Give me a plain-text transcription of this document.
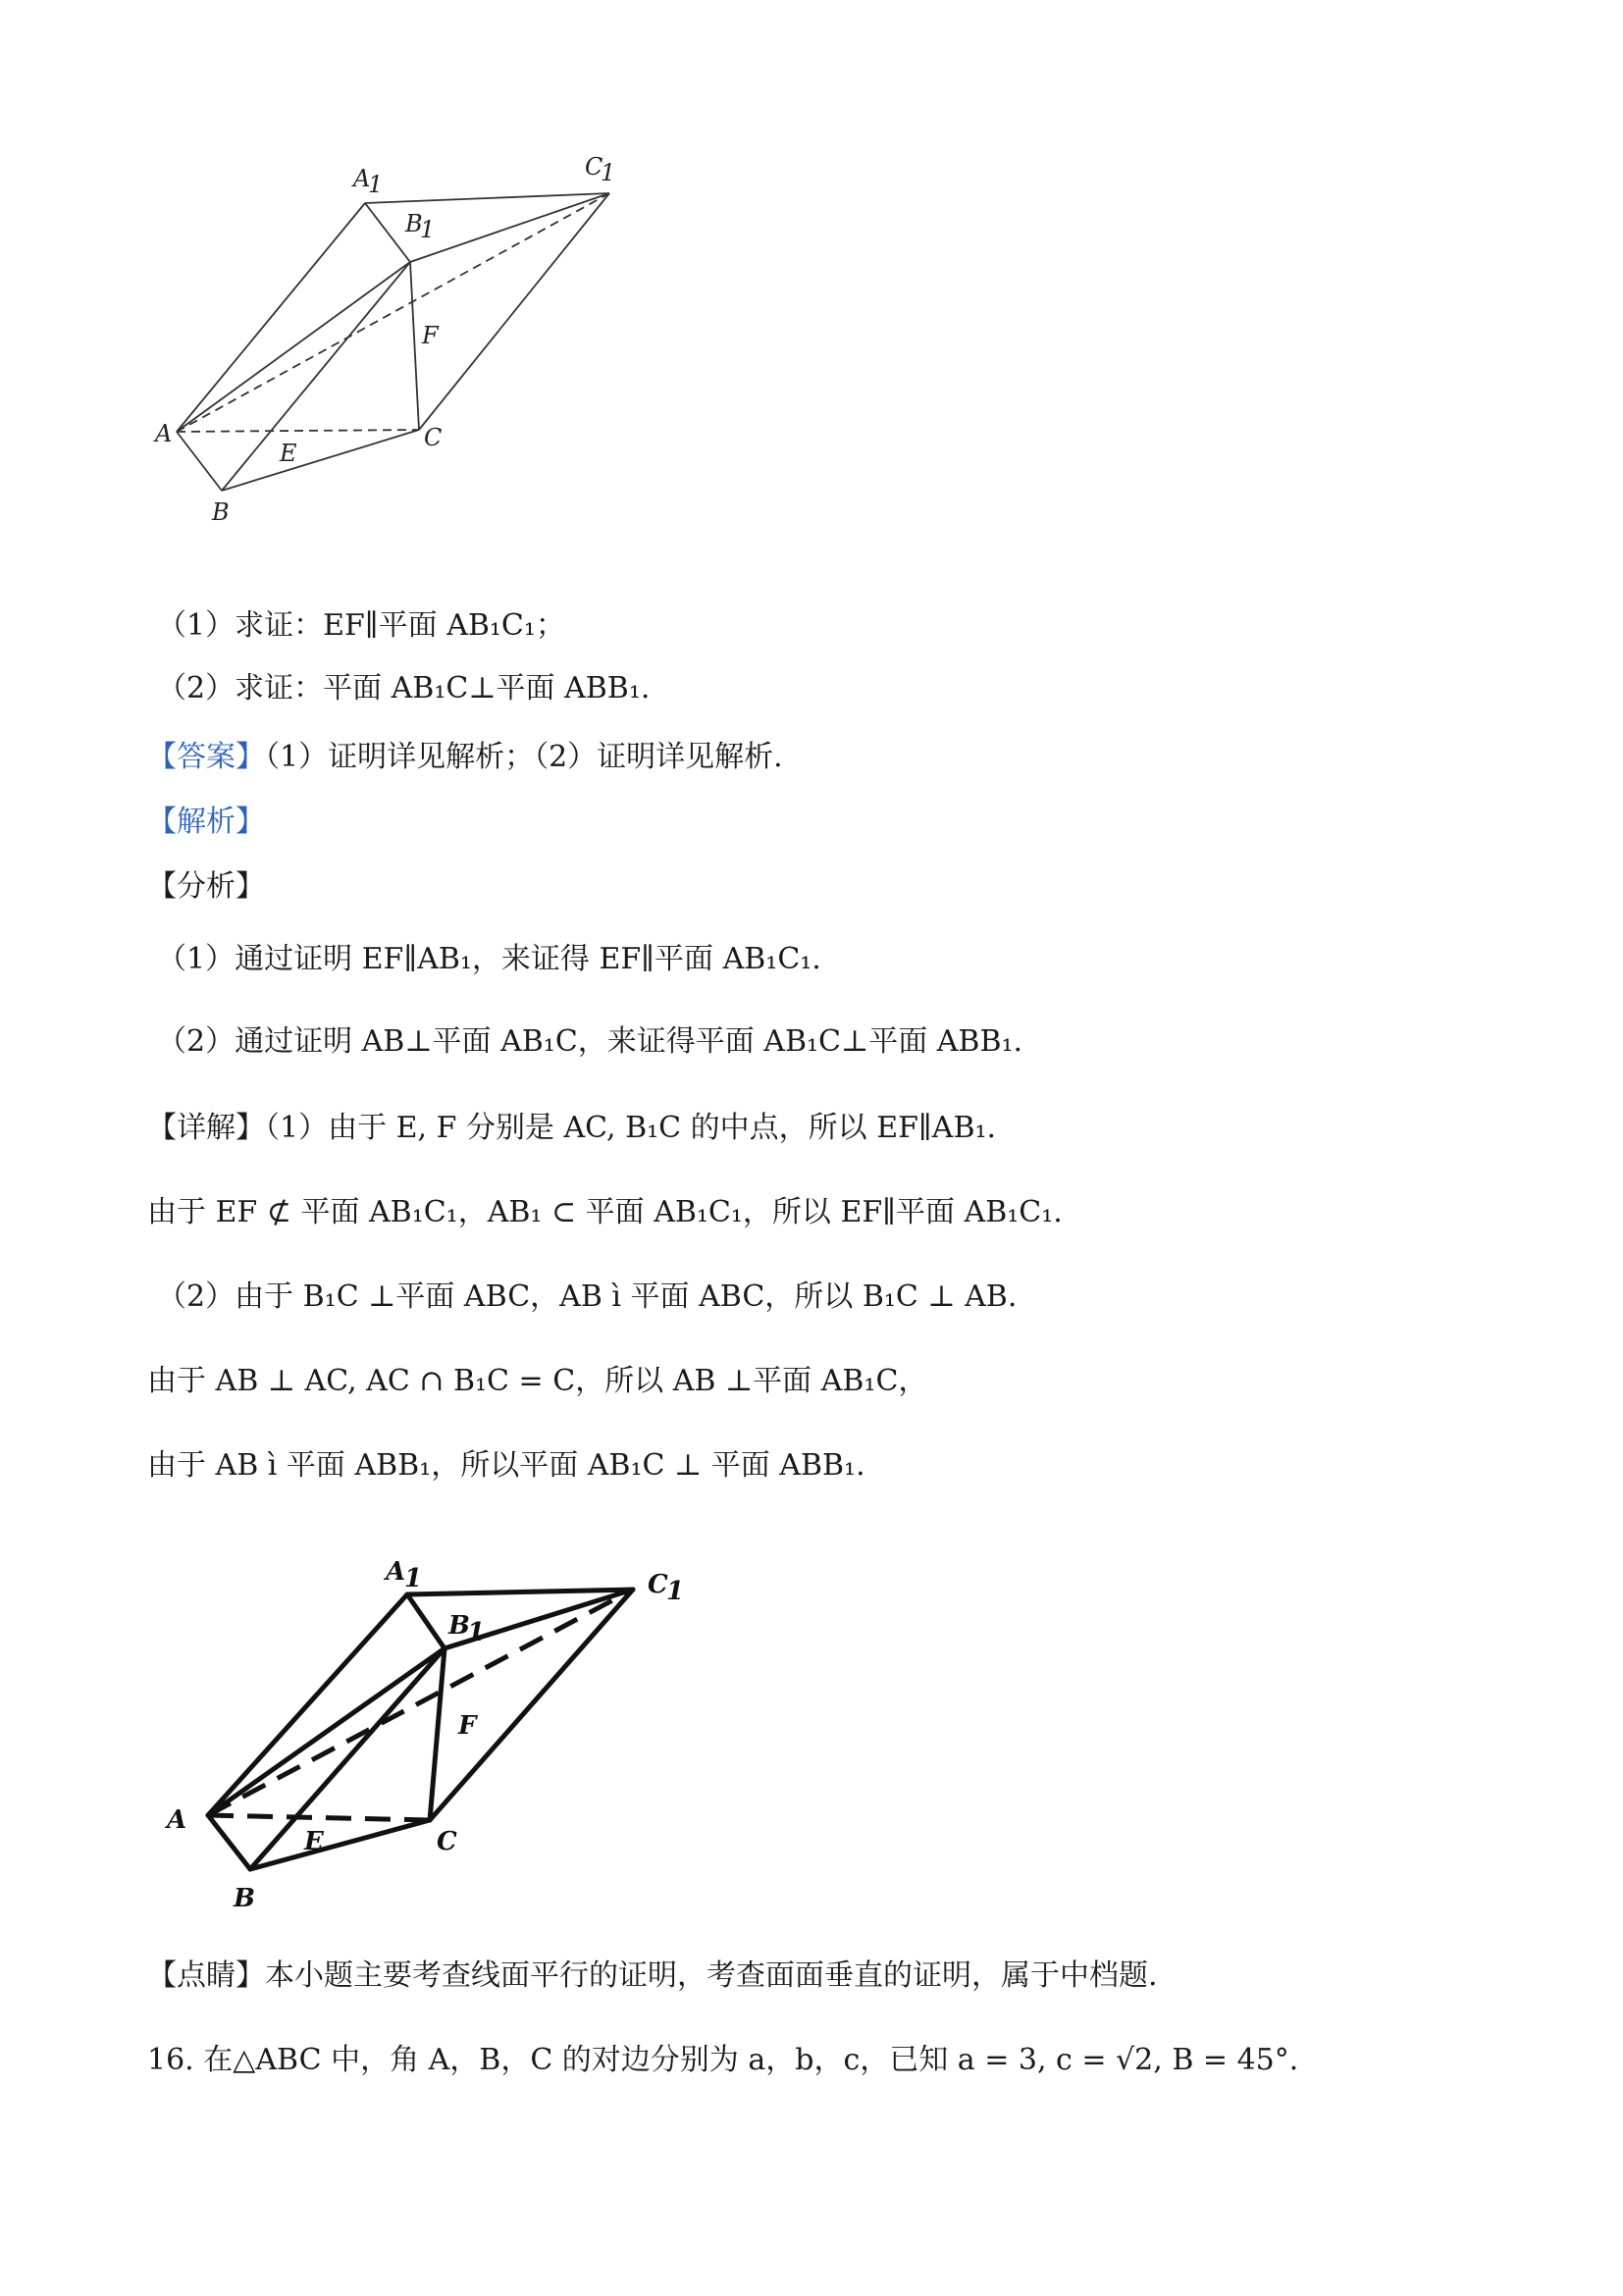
A
1
B
1
C
1
A
B
C
E
F
（1）求证：EF∥平面 AB₁C₁；
（2）求证：平面 AB₁C⊥平面 ABB₁.
【答案】（1）证明详见解析；（2）证明详见解析.
【解析】
【分析】
（1）通过证明 EF∥AB₁，来证得 EF∥平面 AB₁C₁.
（2）通过证明 AB⊥平面 AB₁C，来证得平面 AB₁C⊥平面 ABB₁.
【详解】（1）由于 E, F 分别是 AC, B₁C 的中点，所以 EF∥AB₁.
由于 EF ⊄ 平面 AB₁C₁，AB₁ ⊂ 平面 AB₁C₁，所以 EF∥平面 AB₁C₁.
（2）由于 B₁C ⊥平面 ABC，AB ì 平面 ABC，所以 B₁C ⊥ AB.
由于 AB ⊥ AC, AC ∩ B₁C = C，所以 AB ⊥平面 AB₁C，
由于 AB ì 平面 ABB₁，所以平面 AB₁C ⊥ 平面 ABB₁.
A
1
B
1
C
1
A
B
C
E
F
【点睛】本小题主要考查线面平行的证明，考查面面垂直的证明，属于中档题.
16. 在△ABC 中，角 A，B，C 的对边分别为 a，b，c，已知 a = 3, c = √2, B = 45°.
